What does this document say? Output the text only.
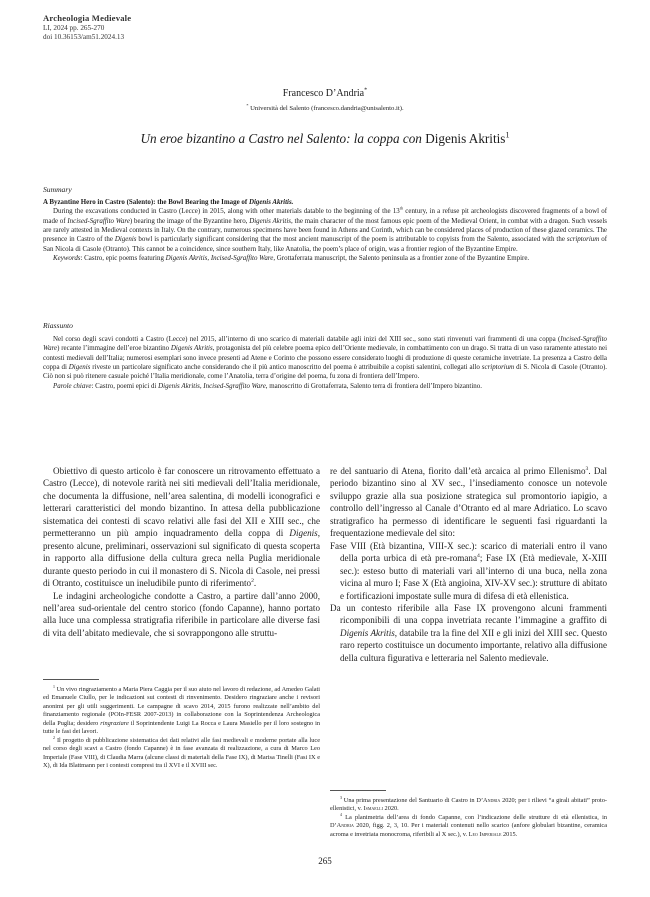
Archeologia Medievale
LI, 2024 pp. 265-270
doi 10.36153/am51.2024.13
Francesco D’Andria*
* Università del Salento (francesco.dandria@unisalento.it).
Un eroe bizantino a Castro nel Salento: la coppa con Digenis Akritis$^1$
Summary

A Byzantine Hero in Castro (Salento): the Bowl Bearing the Image of Digenis Akritis.

During the excavations conducted in Castro (Lecce) in 2015, along with other materials datable to the beginning of the 13th century, in a refuse pit archeologists discovered fragments of a bowl of made of Incised-Sgraffito Ware) bearing the image of the Byzantine hero, Digenis Akritis, the main character of the most famous epic poem of the Medieval Orient, in combat with a dragon. Such vessels are rarely attested in Medieval contexts in Italy. On the contrary, numerous specimens have been found in Athens and Corinth, which can be considered places of production of these glazed ceramics. The presence in Castro of the Digenis bowl is particularly significant considering that the most ancient manuscript of the poem is attributable to copyists from the Salento, associated with the scriptorium of San Nicola di Casole (Otranto). This cannot be a coincidence, since southern Italy, like Anatolia, the poem’s place of origin, was a frontier region of the Byzantine Empire.

Keywords: Castro, epic poems featuring Digenis Akritis, Incised-Sgraffito Ware, Grottaferrata manuscript, the Salento peninsula as a frontier zone of the Byzantine Empire.

Riassunto

Nel corso degli scavi condotti a Castro (Lecce) nel 2015, all’interno di uno scarico di materiali databile agli inizi del XIII sec., sono stati rinvenuti vari frammenti di una coppa (Incised-Sgraffito Ware) recante l’immagine dell’eroe bizantino Digenis Akritis, protagonista del più celebre poema epico dell’Oriente medievale, in combattimento con un drago. Si tratta di un vaso raramente attestato nei contesti medievali dell’Italia; numerosi esemplari sono invece presenti ad Atene e Corinto che possono essere considerato luoghi di produzione di queste ceramiche invetriate. La presenza a Castro della coppa di Digenis riveste un particolare significato anche considerando che il più antico manoscritto del poema è attribuibile a copisti salentini, collegati allo scriptorium di S. Nicola di Casole (Otranto). Ciò non si può ritenere casuale poiché l’Italia meridionale, come l’Anatolia, terra d’origine del poema, fu zona di frontiera dell’Impero.

Parole chiave: Castro, poemi epici di Digenis Akritis, Incised-Sgraffito Ware, manoscritto di Grottaferrata, Salento terra di frontiera dell’Impero bizantino.

Obiettivo di questo articolo è far conoscere un ritrovamento effettuato a Castro (Lecce), di notevole rarità nei siti medievali dell’Italia meridionale, che documenta la diffusione, nell’area salentina, di modelli iconografici e letterari caratteristici del mondo bizantino. In attesa della pubblicazione sistematica dei contesti di scavo relativi alle fasi del XII e XIII sec., che permetteranno un più ampio inquadramento della coppa di Digenis, presento alcune, preliminari, osservazioni sul significato di questa scoperta in rapporto alla diffusione della cultura greca nella Puglia meridionale durante questo periodo in cui il monastero di S. Nicola di Casole, nei pressi di Otranto, costituisce un ineludibile punto di riferimento$^2$.

Le indagini archeologiche condotte a Castro, a partire dall’anno 2000, nell’area sud-orientale del centro storico (fondo Capanne), hanno portato alla luce una complessa stratigrafia riferibile in particolare alle diverse fasi di vita dell’abitato medievale, che si sovrappongono alle struttu-

re del santuario di Atena, fiorito dall’età arcaica al primo Ellenismo$^3$. Dal periodo bizantino sino al XV sec., l’insediamento conosce un notevole sviluppo grazie alla sua posizione strategica sul promontorio iapigio, a controllo dell’ingresso al Canale d’Otranto ed al mare Adriatico. Lo scavo stratigrafico ha permesso di identificare le seguenti fasi riguardanti la frequentazione medievale del sito:

Fase VIII (Età bizantina, VIII-X sec.): scarico di materiali entro il vano della porta urbica di età pre-romana$^4$; Fase IX (Età medievale, X-XIII sec.): esteso butto di materiali vari all’interno di una buca, nella zona vicina al muro I; Fase X (Età angioina, XIV-XV sec.): strutture di abitato e fortificazioni impostate sulle mura di difesa di età ellenistica.

Da un contesto riferibile alla Fase IX provengono alcuni frammenti ricomponibili di una coppa invetriata recante l’immagine a graffito di Digenis Akritis, databile tra la fine del XII e gli inizi del XIII sec. Questo raro reperto costituisce un documento importante, relativo alla diffusione della cultura figurativa e letteraria nel Salento medievale.

$^1$ Un vivo ringraziamento a Maria Piera Caggia per il suo aiuto nel lavoro di redazione, ad Amedeo Galati ed Emanuele Ciullo, per le indicazioni sui contesti di rinvenimento. Desidero ringraziare anche i revisori anonimi per gli utili suggerimenti. Le campagne di scavo 2014, 2015 furono realizzate nell’ambito del finanziamento regionale (POIn-FESR 2007-2013) in collaborazione con la Soprintendenza Archeologica della Puglia; desidero ringraziare il Soprintendente Luigi La Rocca e Laura Masiello per il loro sostegno in tutte le fasi dei lavori.

$^2$ Il progetto di pubblicazione sistematica dei dati relativi alle fasi medievali e moderne portate alla luce nel corso degli scavi a Castro (fondo Capanne) è in fase avanzata di realizzazione, a cura di Marco Leo Imperiale (Fase VIII), di Claudia Marra (alcune classi di materiali della Fase IX), di Marisa Tinelli (Fasi IX e X), di Ida Blattmann per i contesti compresi tra il XVI e il XVIII sec.

$^3$ Una prima presentazione del Santuario di Castro in D’Andria 2020; per i rilievi “a girali abitati” proto-ellenistici, v. Ismaelli 2020.

$^4$ La planimetria dell’area di fondo Capanne, con l’indicazione delle strutture di età ellenistica, in D’Andria 2020, figg. 2, 3, 10. Per i materiali contenuti nello scarico (anfore globulari bizantine, ceramica acroma e invetriata monocroma, riferibili al X sec.), v. Leo Imperiale 2015.

265
